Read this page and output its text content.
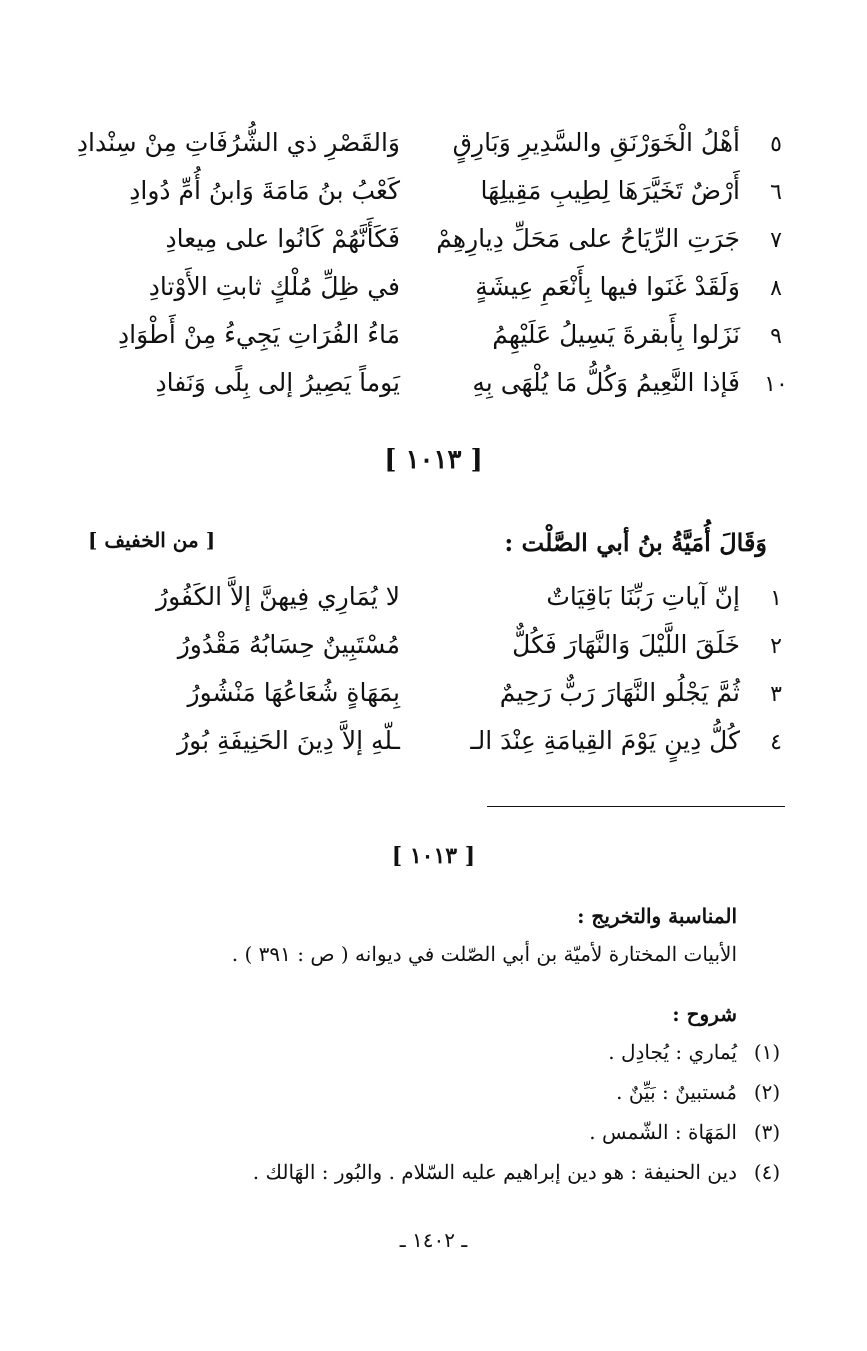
٥
أهْلُ الْخَوَرْنَقِ والسَّدِيرِ وَبَارِقٍ
وَالقَصْرِ ذي الشُّرُفَاتِ مِنْ سِنْدادِ
٦
أَرْضٌ تَخَيَّرَهَا لِطِيبِ مَقِيلِهَا
كَعْبُ بنُ مَامَةَ وَابنُ أُمِّ دُوادِ
٧
جَرَتِ الرِّيَاحُ على مَحَلِّ دِيارِهِمْ
فَكَأَنَّهُمْ كَانُوا على مِيعادِ
٨
وَلَقَدْ غَنَوا فيها بِأَنْعَمِ عِيشَةٍ
في ظِلِّ مُلْكٍ ثابتِ الأَوْتادِ
٩
نَزَلوا بِأَبقرةَ يَسِيلُ عَلَيْهِمُ
مَاءُ الفُرَاتِ يَجِيءُ مِنْ أَطْوَادِ
١٠
فَإذا النَّعِيمُ وَكُلُّ مَا يُلْهَى بِهِ
يَوماً يَصِيرُ إلى بِلًى وَنَفادِ
[ ١٠١٣ ]
وَقَالَ أُمَيَّةُ بنُ أبي الصَّلْت :
[ من الخفيف ]
١
إنّ آياتِ رَبِّنَا بَاقِيَاتٌ
لا يُمَارِي فِيهنَّ إلاَّ الكَفُورُ
٢
خَلَقَ اللَّيْلَ وَالنَّهَارَ فَكُلٌّ
مُسْتَبِينٌ حِسَابُهُ مَقْدُورُ
٣
ثُمَّ يَجْلُو النَّهَارَ رَبٌّ رَحِيمٌ
بِمَهَاةٍ شُعَاعُهَا مَنْشُورُ
٤
كُلُّ دِينٍ يَوْمَ القِيامَةِ عِنْدَ الـ
ـلّهِ إلاَّ دِينَ الحَنِيفَةِ بُورُ
[ ١٠١٣ ]
المناسبة والتخريج :
الأبيات المختارة لأميّة بن أبي الصّلت في ديوانه ( ص : ٣٩١ ) .
شروح :
(١)
يُماري : يُجادِل .
(٢)
مُستبينٌ : بَيِّنٌ .
(٣)
المَهَاة : الشّمس .
(٤)
دين الحنيفة : هو دين إبراهيم عليه السّلام . والبُور : الهَالك .
ـ ١٤٠٢ ـ
